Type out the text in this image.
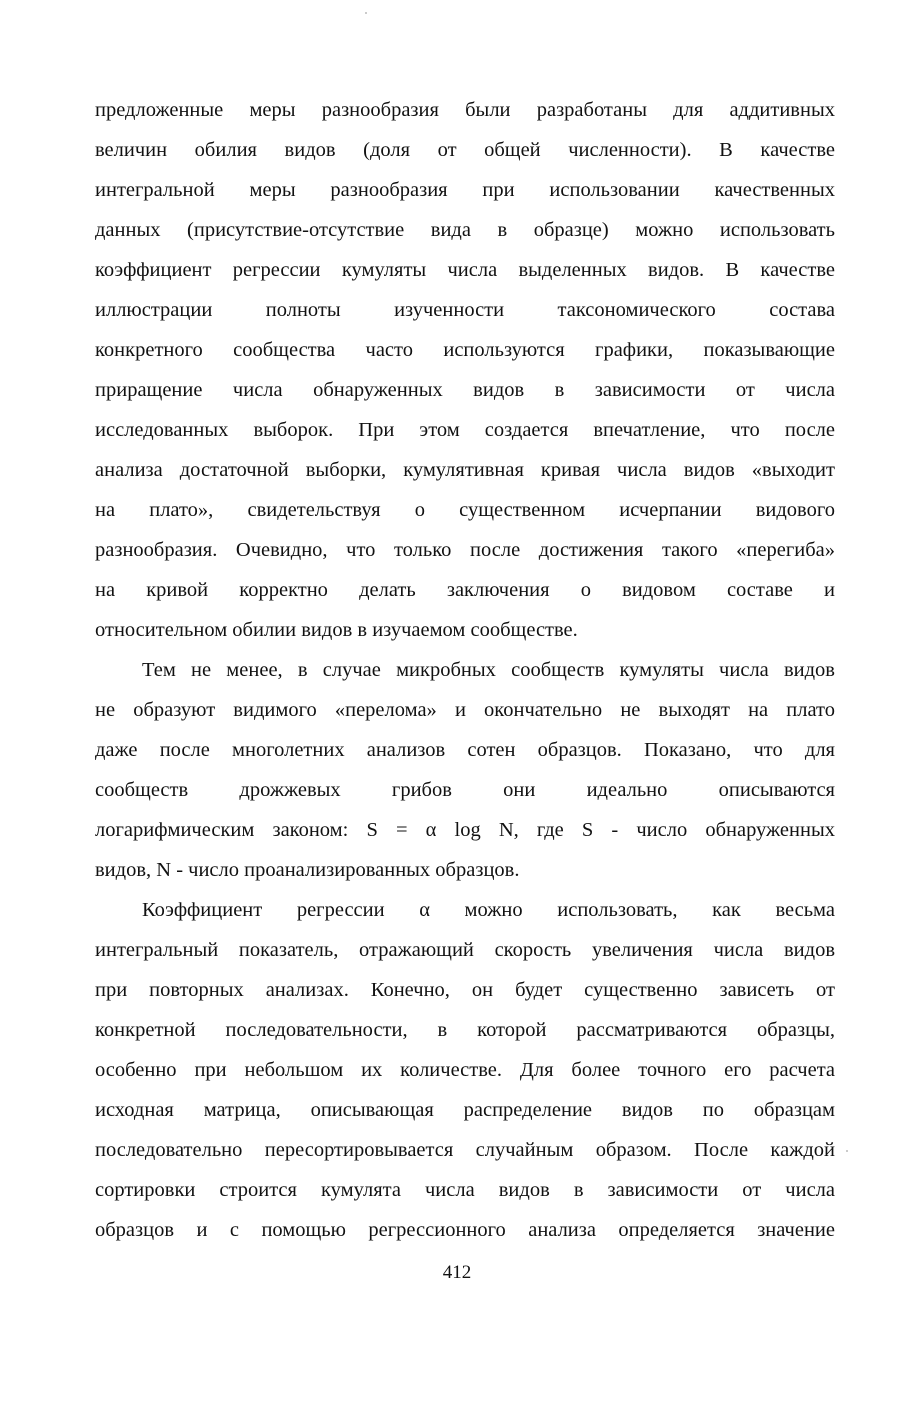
предложенные меры разнообразия были разработаны для аддитивных
величин обилия видов (доля от общей численности). В качестве
интегральной меры разнообразия при использовании качественных
данных (присутствие-отсутствие вида в образце) можно использовать
коэффициент регрессии кумуляты числа выделенных видов. В качестве
иллюстрации полноты изученности таксономического состава
конкретного сообщества часто используются графики, показывающие
приращение числа обнаруженных видов в зависимости от числа
исследованных выборок. При этом создается впечатление, что после
анализа достаточной выборки, кумулятивная кривая числа видов «выходит
на плато», свидетельствуя о существенном исчерпании видового
разнообразия. Очевидно, что только после достижения такого «перегиба»
на кривой корректно делать заключения о видовом составе и
относительном обилии видов в изучаемом сообществе.
Тем не менее, в случае микробных сообществ кумуляты числа видов
не образуют видимого «перелома» и окончательно не выходят на плато
даже после многолетних анализов сотен образцов. Показано, что для
сообществ дрожжевых грибов они идеально описываются
логарифмическим законом: S = α log N, где S - число обнаруженных
видов, N - число проанализированных образцов.
Коэффициент регрессии α можно использовать, как весьма
интегральный показатель, отражающий скорость увеличения числа видов
при повторных анализах. Конечно, он будет существенно зависеть от
конкретной последовательности, в которой рассматриваются образцы,
особенно при небольшом их количестве. Для более точного его расчета
исходная матрица, описывающая распределение видов по образцам
последовательно пересортировывается случайным образом. После каждой
сортировки строится кумулята числа видов в зависимости от числа
образцов и с помощью регрессионного анализа определяется значение
412
